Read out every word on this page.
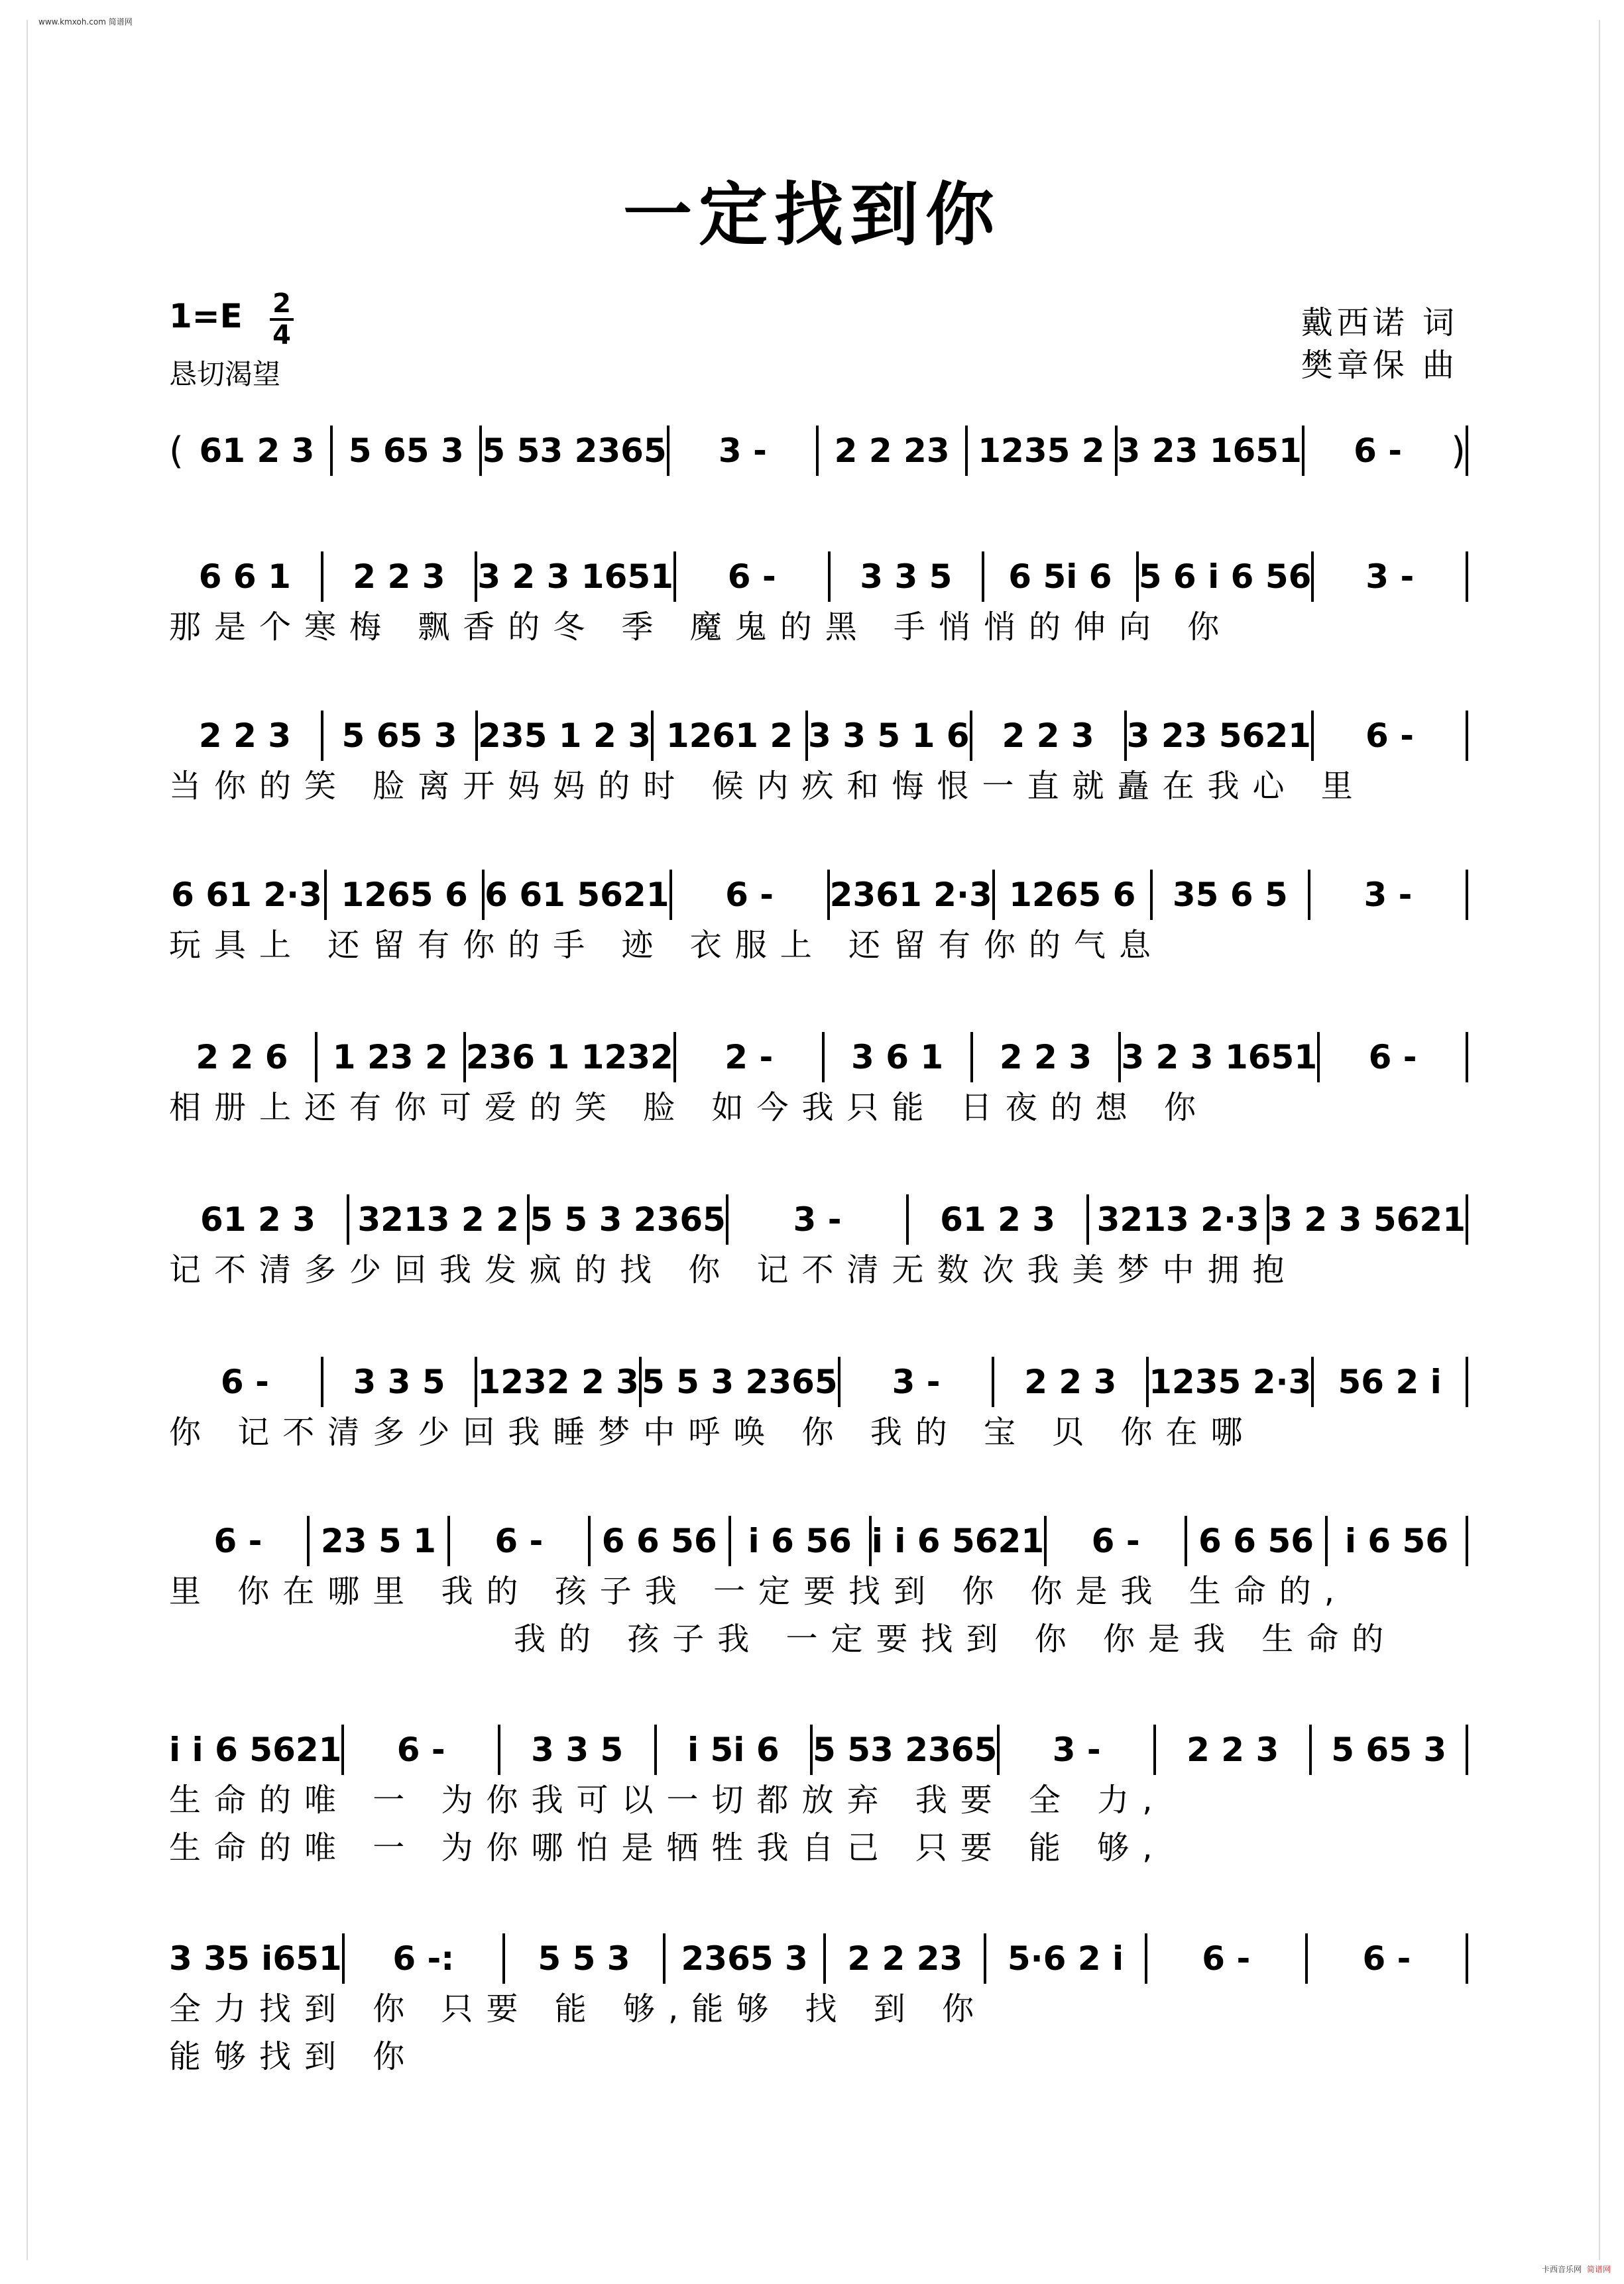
www.kmxoh.com 简谱网
一定找到你
1=E 2
4
恳切渴望
戴西诺 词
樊章保 曲
( 61 2 3	5 65 3 5 53 2365	3 -	2 2 23 1235 2 3 23 1651	6 -	)
6 6 1	2 2 3 3 2 3 1651	6 -	3 3 5	6 5i 6 5 6 i 6 56	3 -
那是个寒梅 飘香的冬 季 魔鬼的黑 手悄悄的伸向 你
2 2 3	5 65 3 235 1 2 3 1261 2 3 3 5 1 6 2 2 3 3 23 5621	6 -
当你的笑 脸离开妈妈的时 候内疚和悔恨一直就矗在我心 里
6 61 2·3 1265 6 6 61 5621	6 -	2361 2·3 1265 6	35 6 5	3 -
玩具上 还留有你的手 迹 衣服上 还留有你的气息
2 2 6	1 23 2 236 1 1232	2 -	3 6 1	2 2 3 3 2 3 1651	6 -
相册上还有你可爱的笑 脸 如今我只能 日夜的想 你
61 2 3	3213 2 2 5 5 3 2365	3 -	61 2 3	3213 2·3 3 2 3 5621
记不清多少回我发疯的找 你 记不清无数次我美梦中拥抱
6 -	3 3 5 1232 2 3 5 5 3 2365	3 -	2 2 3 1235 2·3 56 2 i
你 记不清多少回我睡梦中呼唤 你 我的 宝 贝 你在哪
6 -	23 5 1	6 -	6 6 56 i 6 56 i i 6 5621	6 -	6 6 56 i 6 56
里 你在哪里 我的 孩子我 一定要找到 你 你是我 生命的,
我的 孩子我 一定要找到 你 你是我 生命的
i i 6 5621	6 -	3 3 5	i 5i 6	5 53 2365	3 -	2 2 3	5 65 3
生命的唯 一 为你我可以一切都放弃 我要 全 力,
生命的唯 一 为你哪怕是牺牲我自己 只要 能 够,
3 35 i651	6 -:	5 5 3	2365 3	2 2 23	5·6 2 i	6 -	6 -
全力找到 你 只要 能 够,能够 找 到 你
能够找到 你
卡西音乐网 简谱网
